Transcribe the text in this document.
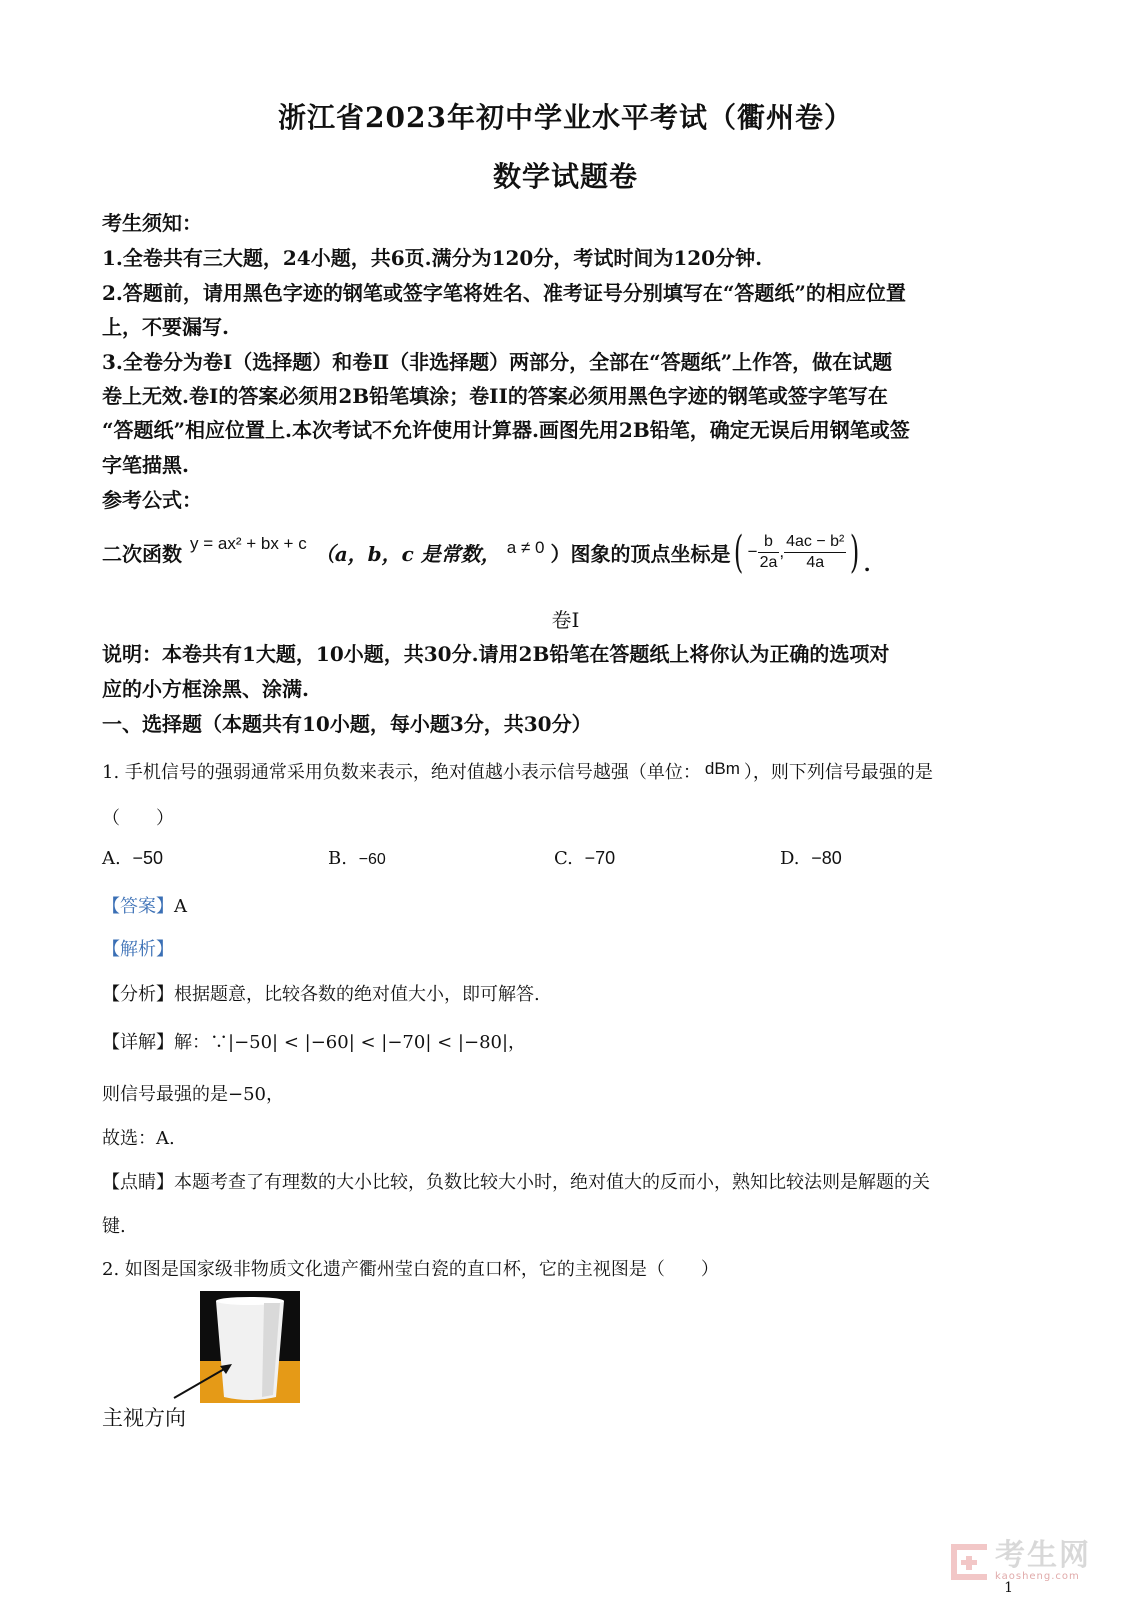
浙江省2023年初中学业水平考试（衢州卷）
数学试题卷
考生须知：
1.全卷共有三大题，24小题，共6页.满分为120分，考试时间为120分钟.
2.答题前，请用黑色字迹的钢笔或签字笔将姓名、准考证号分别填写在“答题纸”的相应位置
上，不要漏写.
3.全卷分为卷Ⅰ（选择题）和卷Ⅱ（非选择题）两部分，全部在“答题纸”上作答，做在试题
卷上无效.卷Ⅰ的答案必须用2B铅笔填涂；卷II的答案必须用黑色字迹的钢笔或签字笔写在
“答题纸”相应位置上.本次考试不允许使用计算器.画图先用2B铅笔，确定无误后用钢笔或签
字笔描黑.
参考公式：
二次函数 y = ax² + bx + c （a，b，c 是常数， a ≠ 0 ）图象的顶点坐标是 ( − $\frac{b}{2a}$ , $\frac{\text{4ac − b²}}{4a}$ ) .
卷Ⅰ
说明：本卷共有1大题，10小题，共30分.请用2B铅笔在答题纸上将你认为正确的选项对
应的小方框涂黑、涂满.
一、选择题（本题共有10小题，每小题3分，共30分）
1. 手机信号的强弱通常采用负数来表示，绝对值越小表示信号越强（单位： dBm ），则下列信号最强的是
（　　）
A. −50	B. −60	C. −70	D. −80
【答案】A
【解析】
【分析】根据题意，比较各数的绝对值大小，即可解答.
【详解】解：∵|−50| < |−60| < |−70| < |−80|，
则信号最强的是−50，
故选：A.
【点睛】本题考查了有理数的大小比较，负数比较大小时，绝对值大的反而小，熟知比较法则是解题的关
键.
2. 如图是国家级非物质文化遗产衢州莹白瓷的直口杯，它的主视图是（　　）
主视方向
考生网
kaosheng.com
1
